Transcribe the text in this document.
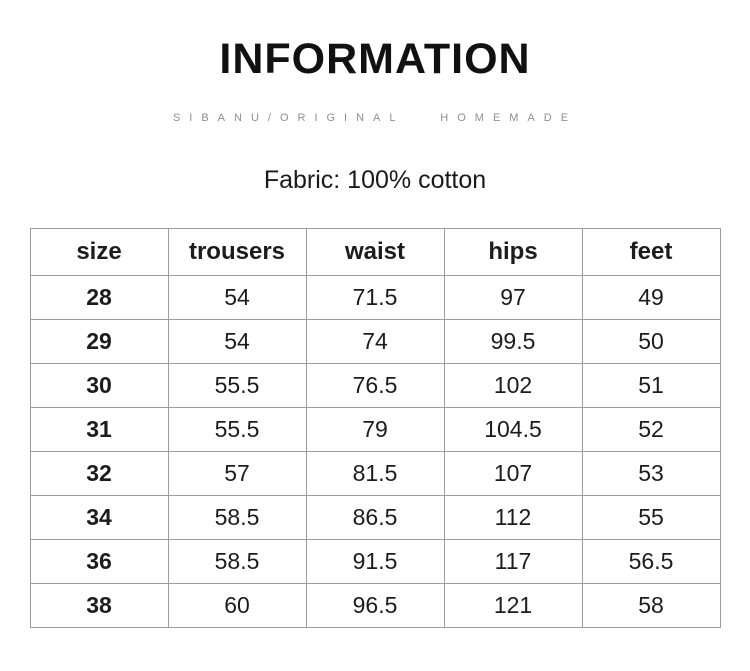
INFORMATION
SIBANU/ORIGINAL   HOMEMADE
Fabric: 100% cotton
size	trousers	waist	hips	feet
28	54	71.5	97	49
29	54	74	99.5	50
30	55.5	76.5	102	51
31	55.5	79	104.5	52
32	57	81.5	107	53
34	58.5	86.5	112	55
36	58.5	91.5	117	56.5
38	60	96.5	121	58
